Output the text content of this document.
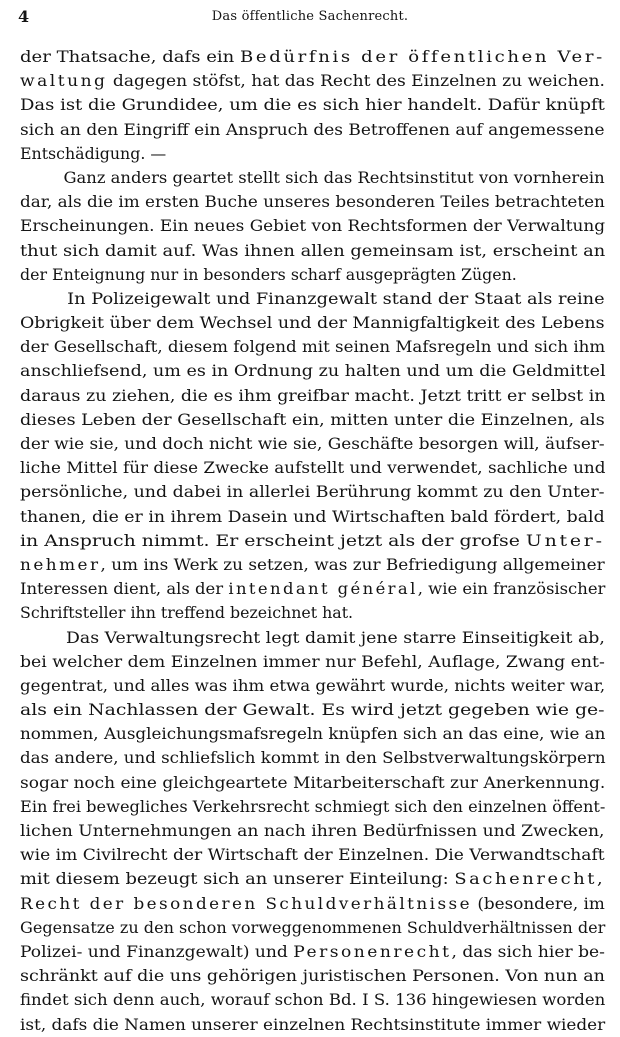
4	Das öffentliche Sachenrecht.
der Thatsache, dafs ein Bedürfnis der öffentlichen Ver-
waltung dagegen stöfst, hat das Recht des Einzelnen zu weichen.
Das ist die Grundidee, um die es sich hier handelt. Dafür knüpft
sich an den Eingriff ein Anspruch des Betroffenen auf angemessene
Entschädigung. —
Ganz anders geartet stellt sich das Rechtsinstitut von vornherein
dar, als die im ersten Buche unseres besonderen Teiles betrachteten
Erscheinungen. Ein neues Gebiet von Rechtsformen der Verwaltung
thut sich damit auf. Was ihnen allen gemeinsam ist, erscheint an
der Enteignung nur in besonders scharf ausgeprägten Zügen.
In Polizeigewalt und Finanzgewalt stand der Staat als reine
Obrigkeit über dem Wechsel und der Mannigfaltigkeit des Lebens
der Gesellschaft, diesem folgend mit seinen Mafsregeln und sich ihm
anschliefsend, um es in Ordnung zu halten und um die Geldmittel
daraus zu ziehen, die es ihm greifbar macht. Jetzt tritt er selbst in
dieses Leben der Gesellschaft ein, mitten unter die Einzelnen, als
der wie sie, und doch nicht wie sie, Geschäfte besorgen will, äufser-
liche Mittel für diese Zwecke aufstellt und verwendet, sachliche und
persönliche, und dabei in allerlei Berührung kommt zu den Unter-
thanen, die er in ihrem Dasein und Wirtschaften bald fördert, bald
in Anspruch nimmt. Er erscheint jetzt als der grofse Unter-
nehmer, um ins Werk zu setzen, was zur Befriedigung allgemeiner
Interessen dient, als der intendant général, wie ein französischer
Schriftsteller ihn treffend bezeichnet hat.
Das Verwaltungsrecht legt damit jene starre Einseitigkeit ab,
bei welcher dem Einzelnen immer nur Befehl, Auflage, Zwang ent-
gegentrat, und alles was ihm etwa gewährt wurde, nichts weiter war,
als ein Nachlassen der Gewalt. Es wird jetzt gegeben wie ge-
nommen, Ausgleichungsmafsregeln knüpfen sich an das eine, wie an
das andere, und schliefslich kommt in den Selbstverwaltungskörpern
sogar noch eine gleichgeartete Mitarbeiterschaft zur Anerkennung.
Ein frei bewegliches Verkehrsrecht schmiegt sich den einzelnen öffent-
lichen Unternehmungen an nach ihren Bedürfnissen und Zwecken,
wie im Civilrecht der Wirtschaft der Einzelnen. Die Verwandtschaft
mit diesem bezeugt sich an unserer Einteilung: Sachenrecht,
Recht der besonderen Schuldverhältnisse (besondere, im
Gegensatze zu den schon vorweggenommenen Schuldverhältnissen der
Polizei- und Finanzgewalt) und Personenrecht, das sich hier be-
schränkt auf die uns gehörigen juristischen Personen. Von nun an
findet sich denn auch, worauf schon Bd. I S. 136 hingewiesen worden
ist, dafs die Namen unserer einzelnen Rechtsinstitute immer wieder
